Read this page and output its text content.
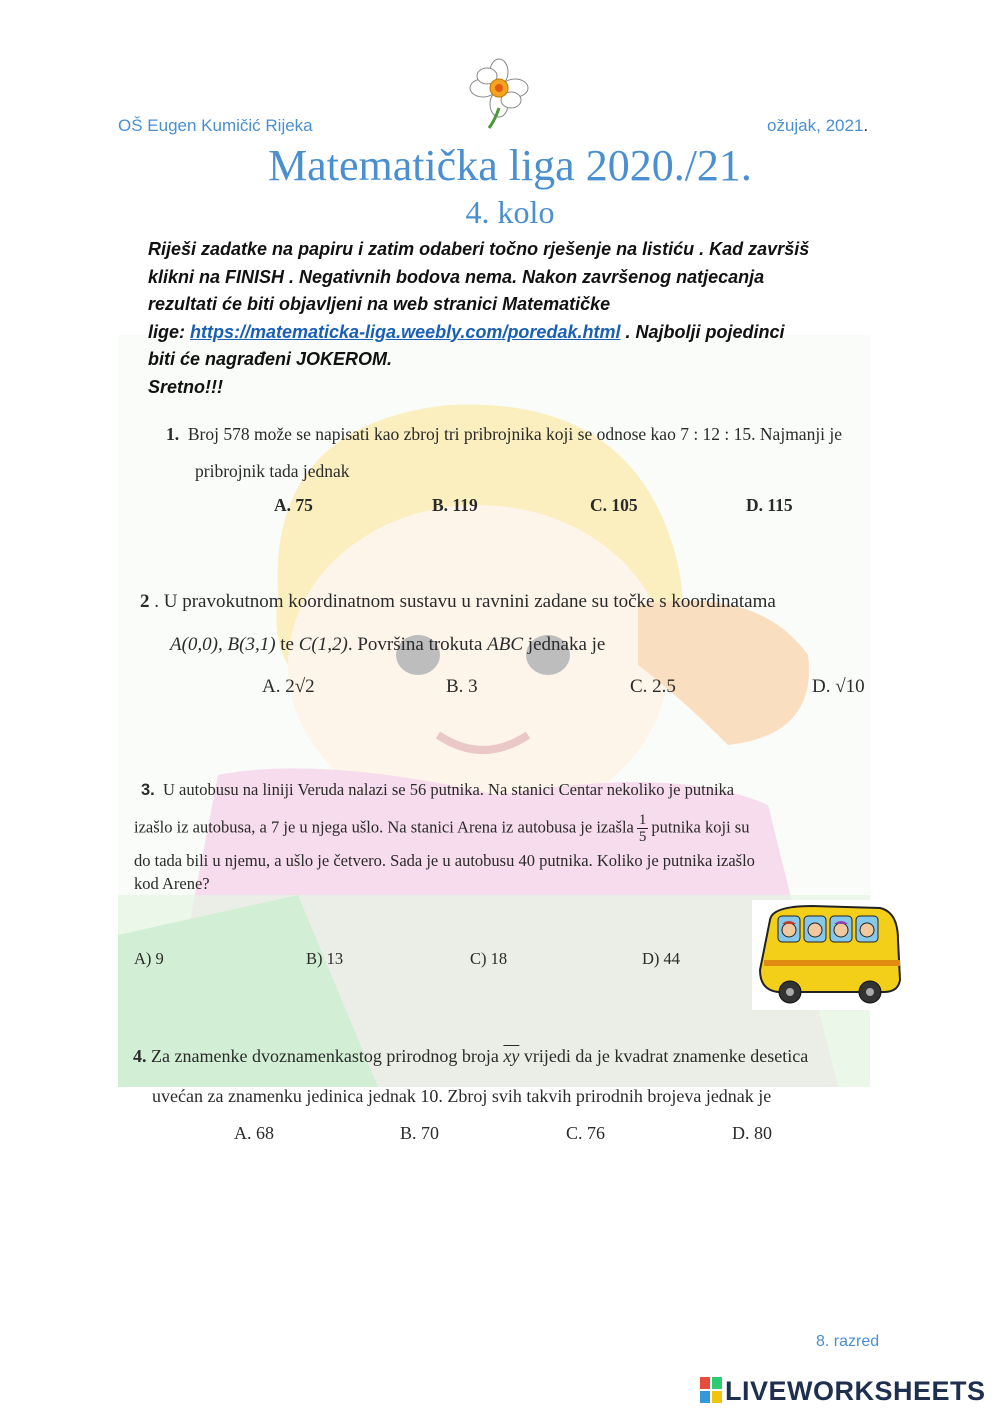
OŠ Eugen Kumičić Rijeka	ožujak, 2021.
Matematička liga 2020./21.
4. kolo
Riješi zadatke na papiru i zatim odaberi točno rješenje na listiću . Kad završiš
klikni na FINISH . Negativnih bodova nema. Nakon završenog natjecanja
rezultati će biti objavljeni na web stranici Matematičke
lige: https://matematicka-liga.weebly.com/poredak.html . Najbolji pojedinci
biti će nagrađeni JOKEROM.
Sretno!!!
1. Broj 578 može se napisati kao zbroj tri pribrojnika koji se odnose kao 7 : 12 : 15. Najmanji je
pribrojnik tada jednak
A. 75	B. 119	C. 105	D. 115
2 . U pravokutnom koordinatnom sustavu u ravnini zadane su točke s koordinatama
A(0,0), B(3,1) te C(1,2). Površina trokuta ABC jednaka je
A. 2√2	B. 3	C. 2.5	D. √10
3. U autobusu na liniji Veruda nalazi se 56 putnika. Na stanici Centar nekoliko je putnika
izašlo iz autobusa, a 7 je u njega ušlo. Na stanici Arena iz autobusa je izašla $\frac{1}{5}$ putnika koji su
do tada bili u njemu, a ušlo je četvero. Sada je u autobusu 40 putnika. Koliko je putnika izašlo
kod Arene?
A) 9	B) 13	C) 18	D) 44
4. Za znamenke dvoznamenkastog prirodnog broja $\overline{xy}$ vrijedi da je kvadrat znamenke desetica
uvećan za znamenku jedinica jednak 10. Zbroj svih takvih prirodnih brojeva jednak je
A. 68	B. 70	C. 76	D. 80
8. razred
LIVEWORKSHEETS
